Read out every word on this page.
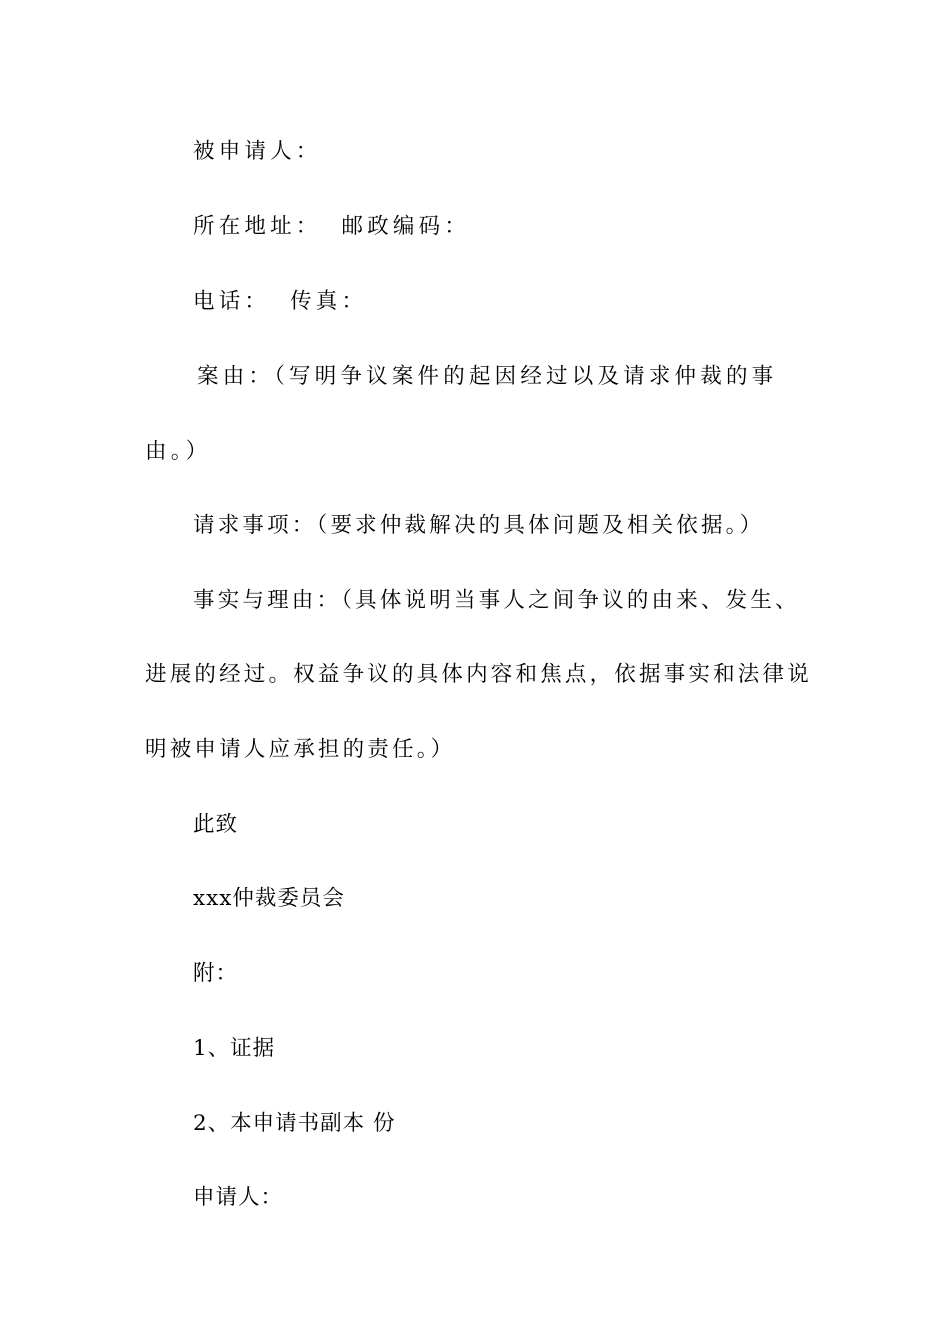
被申请人：

所在地址： 邮政编码：

电话： 传真：

案由：（写明争议案件的起因经过以及请求仲裁的事

由。）

请求事项：（要求仲裁解决的具体问题及相关依据。）

事实与理由：（具体说明当事人之间争议的由来、发生、

进展的经过。权益争议的具体内容和焦点，依据事实和法律说

明被申请人应承担的责任。）

此致

xxx仲裁委员会

附：

1、证据

2、本申请书副本 份

申请人：
